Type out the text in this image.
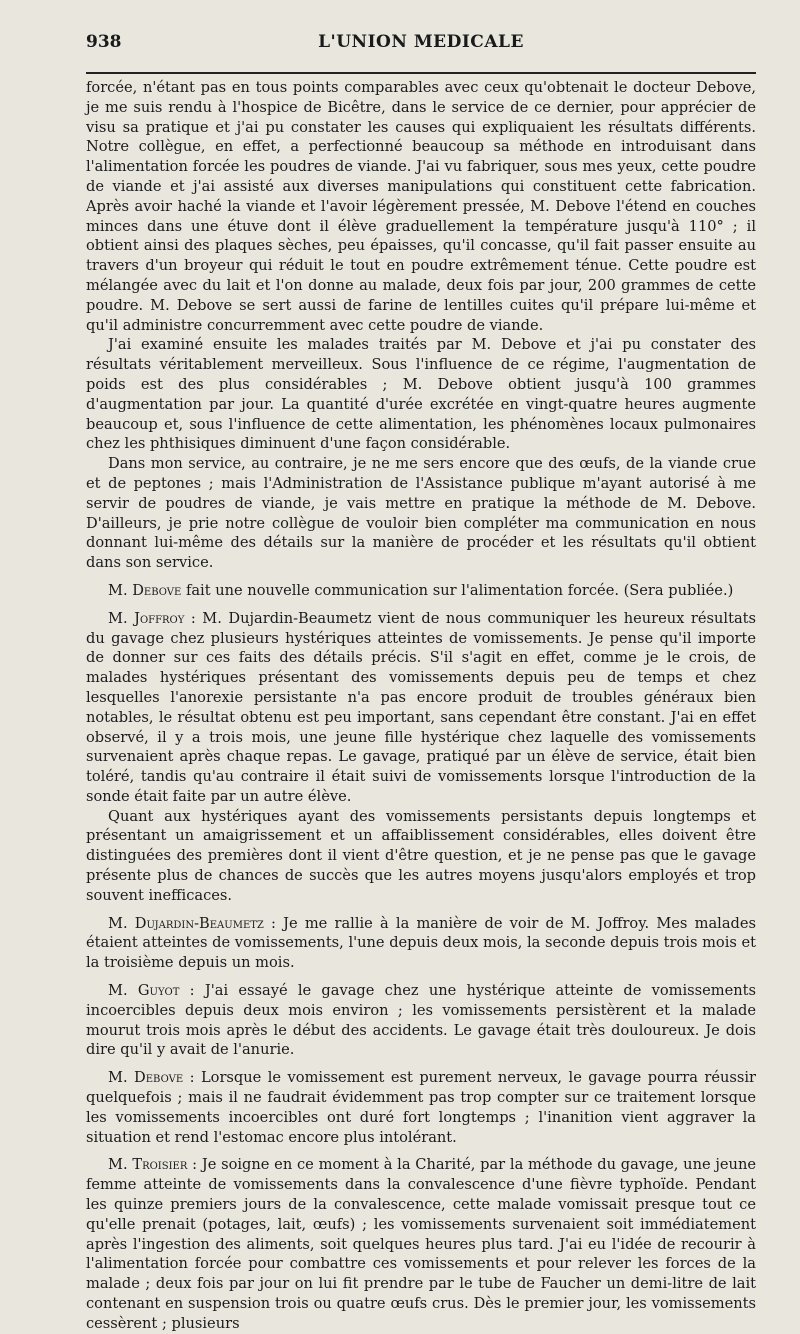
938	L'UNION MEDICALE

forcée, n'étant pas en tous points comparables avec ceux qu'obtenait le docteur Debove, je me suis rendu à l'hospice de Bicêtre, dans le service de ce dernier, pour apprécier de visu sa pratique et j'ai pu constater les causes qui expliquaient les résultats différents. Notre collègue, en effet, a perfectionné beaucoup sa méthode en introduisant dans l'alimentation forcée les poudres de viande. J'ai vu fabriquer, sous mes yeux, cette poudre de viande et j'ai assisté aux diverses manipulations qui constituent cette fabrication. Après avoir haché la viande et l'avoir légèrement pressée, M. Debove l'étend en couches minces dans une étuve dont il élève graduellement la température jusqu'à 110° ; il obtient ainsi des plaques sèches, peu épaisses, qu'il concasse, qu'il fait passer ensuite au travers d'un broyeur qui réduit le tout en poudre extrêmement ténue. Cette poudre est mélangée avec du lait et l'on donne au malade, deux fois par jour, 200 grammes de cette poudre. M. Debove se sert aussi de farine de lentilles cuites qu'il prépare lui-même et qu'il administre concurremment avec cette poudre de viande.

J'ai examiné ensuite les malades traités par M. Debove et j'ai pu constater des résultats véritablement merveilleux. Sous l'influence de ce régime, l'augmentation de poids est des plus considérables ; M. Debove obtient jusqu'à 100 grammes d'augmentation par jour. La quantité d'urée excrétée en vingt-quatre heures augmente beaucoup et, sous l'influence de cette alimentation, les phénomènes locaux pulmonaires chez les phthisiques diminuent d'une façon considérable.

Dans mon service, au contraire, je ne me sers encore que des œufs, de la viande crue et de peptones ; mais l'Administration de l'Assistance publique m'ayant autorisé à me servir de poudres de viande, je vais mettre en pratique la méthode de M. Debove. D'ailleurs, je prie notre collègue de vouloir bien compléter ma communication en nous donnant lui-même des détails sur la manière de procéder et les résultats qu'il obtient dans son service.

M. Debove fait une nouvelle communication sur l'alimentation forcée. (Sera publiée.)

M. Joffroy : M. Dujardin-Beaumetz vient de nous communiquer les heureux résultats du gavage chez plusieurs hystériques atteintes de vomissements. Je pense qu'il importe de donner sur ces faits des détails précis. S'il s'agit en effet, comme je le crois, de malades hystériques présentant des vomissements depuis peu de temps et chez lesquelles l'anorexie persistante n'a pas encore produit de troubles généraux bien notables, le résultat obtenu est peu important, sans cependant être constant. J'ai en effet observé, il y a trois mois, une jeune fille hystérique chez laquelle des vomissements survenaient après chaque repas. Le gavage, pratiqué par un élève de service, était bien toléré, tandis qu'au contraire il était suivi de vomissements lorsque l'introduction de la sonde était faite par un autre élève.

Quant aux hystériques ayant des vomissements persistants depuis longtemps et présentant un amaigrissement et un affaiblissement considérables, elles doivent être distinguées des premières dont il vient d'être question, et je ne pense pas que le gavage présente plus de chances de succès que les autres moyens jusqu'alors employés et trop souvent inefficaces.

M. Dujardin-Beaumetz : Je me rallie à la manière de voir de M. Joffroy. Mes malades étaient atteintes de vomissements, l'une depuis deux mois, la seconde depuis trois mois et la troisième depuis un mois.

M. Guyot : J'ai essayé le gavage chez une hystérique atteinte de vomissements incoercibles depuis deux mois environ ; les vomissements persistèrent et la malade mourut trois mois après le début des accidents. Le gavage était très douloureux. Je dois dire qu'il y avait de l'anurie.

M. Debove : Lorsque le vomissement est purement nerveux, le gavage pourra réussir quelquefois ; mais il ne faudrait évidemment pas trop compter sur ce traitement lorsque les vomissements incoercibles ont duré fort longtemps ; l'inanition vient aggraver la situation et rend l'estomac encore plus intolérant.

M. Troisier : Je soigne en ce moment à la Charité, par la méthode du gavage, une jeune femme atteinte de vomissements dans la convalescence d'une fièvre typhoïde. Pendant les quinze premiers jours de la convalescence, cette malade vomissait presque tout ce qu'elle prenait (potages, lait, œufs) ; les vomissements survenaient soit immédiatement après l'ingestion des aliments, soit quelques heures plus tard. J'ai eu l'idée de recourir à l'alimentation forcée pour combattre ces vomissements et pour relever les forces de la malade ; deux fois par jour on lui fit prendre par le tube de Faucher un demi-litre de lait contenant en suspension trois ou quatre œufs crus. Dès le premier jour, les vomissements cessèrent ; plusieurs
